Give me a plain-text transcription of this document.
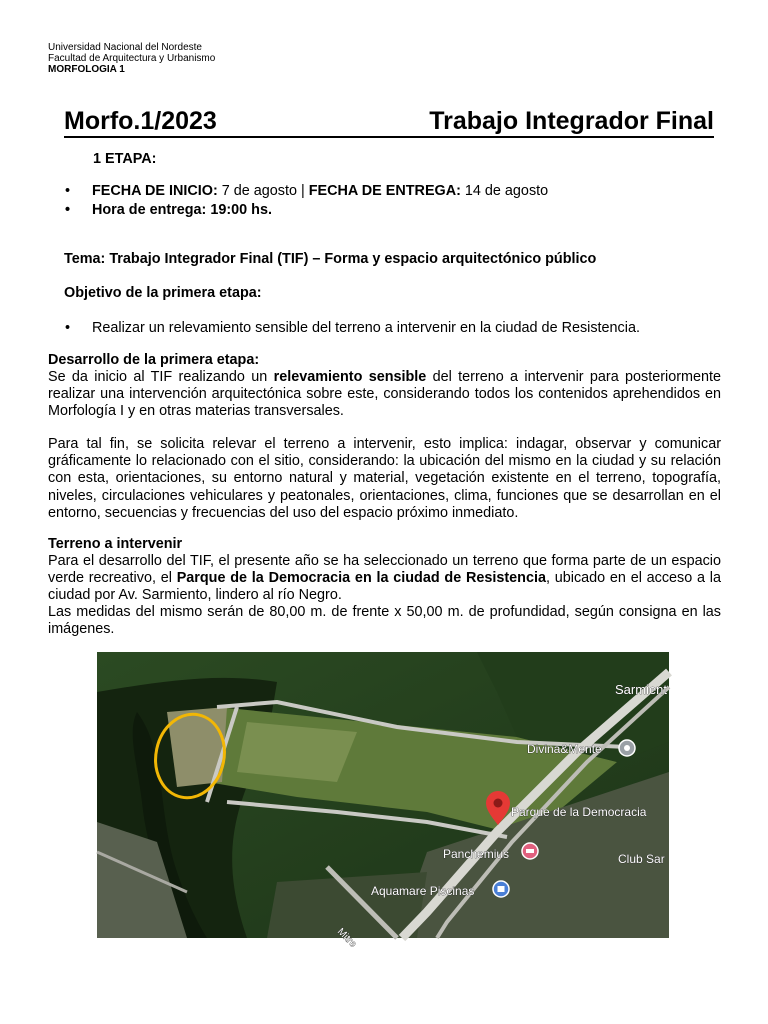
Universidad Nacional del Nordeste
Facultad de Arquitectura y Urbanismo
MORFOLOGIA 1
Morfo.1/2023	Trabajo Integrador Final
1 ETAPA:
• FECHA DE INICIO: 7 de agosto | FECHA DE ENTREGA: 14 de agosto
• Hora de entrega: 19:00 hs.
Tema: Trabajo Integrador Final (TIF) – Forma y espacio arquitectónico público
Objetivo de la primera etapa:
• Realizar un relevamiento sensible del terreno a intervenir en la ciudad de Resistencia.
Desarrollo de la primera etapa:
Se da inicio al TIF realizando un relevamiento sensible del terreno a intervenir para posteriormente realizar una intervención arquitectónica sobre este, considerando todos los contenidos aprehendidos en Morfología I y en otras materias transversales.
Para tal fin, se solicita relevar el terreno a intervenir, esto implica: indagar, observar y comunicar gráficamente lo relacionado con el sitio, considerando: la ubicación del mismo en la ciudad y su relación con esta, orientaciones, su entorno natural y material, vegetación existente en el terreno, topografía, niveles, circulaciones vehiculares y peatonales, orientaciones, clima, funciones que se desarrollan en el entorno, secuencias y frecuencias del uso del espacio próximo inmediato.
Terreno a intervenir
Para el desarrollo del TIF, el presente año se ha seleccionado un terreno que forma parte de un espacio verde recreativo, el Parque de la Democracia en la ciudad de Resistencia, ubicado en el acceso a la ciudad por Av. Sarmiento, lindero al río Negro.
Las medidas del mismo serán de 80,00 m. de frente x 50,00 m. de profundidad, según consigna en las imágenes.
Sarmient
Divina&Mente
Parque de la Democracia
Panchemius	Club Sar
Aquamare Piscinas
Mitre
